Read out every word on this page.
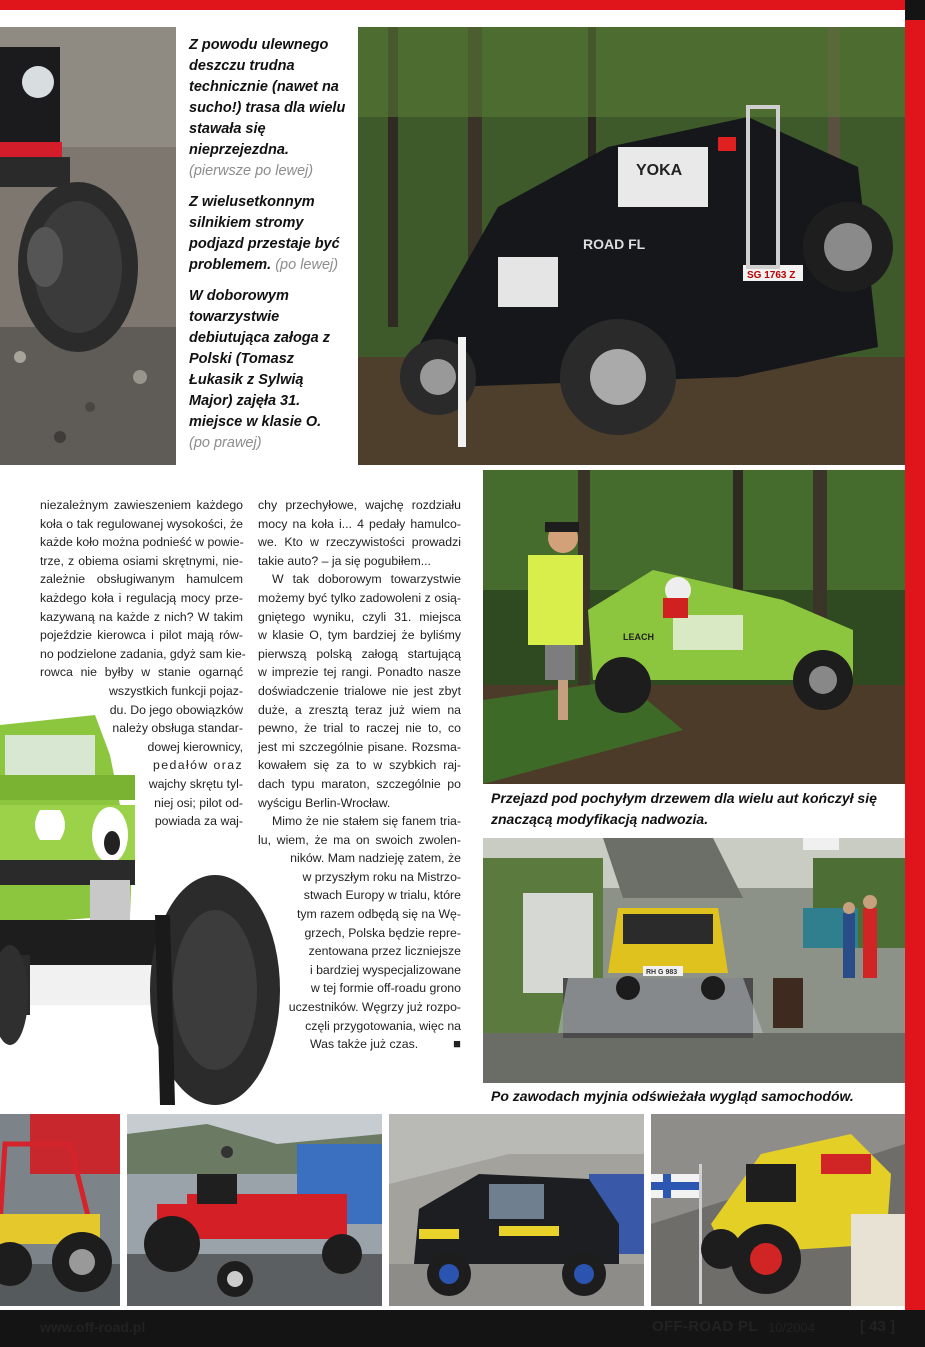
Z powodu ulewnego deszczu trudna technicznie (nawet na sucho!) trasa dla wielu stawała się nieprzejezdna. (pierwsze po lewej)

Z wielusetkonnym silnikiem stromy podjazd przestaje być problemem. (po lewej)

W doborowym towarzystwie debiutująca załoga z Polski (Tomasz Łukasik z Sylwią Major) zajęła 31. miejsce w klasie O. (po prawej)

YOKA
ROAD FL
SG 1763 Z
niezależnym zawieszeniem każdego
koła o tak regulowanej wysokości, że
każde koło można podnieść w powie-
trze, z obiema osiami skrętnymi, nie-
zależnie obsługiwanym hamulcem
każdego koła i regulacją mocy prze-
kazywaną na każde z nich? W takim
pojeździe kierowca i pilot mają rów-
no podzielone zadania, gdyż sam kie-
rowca nie byłby w stanie ogarnąć
wszystkich funkcji pojaz-
du. Do jego obowiązków
należy obsługa standar-
dowej kierownicy,
pedałów oraz
wajchy skrętu tyl-
niej osi; pilot od-
powiada za waj-
chy przechyłowe, wajchę rozdziału
mocy na koła i... 4 pedały hamulco-
we. Kto w rzeczywistości prowadzi
takie auto? – ja się pogubiłem...
W tak doborowym towarzystwie
możemy być tylko zadowoleni z osią-
gniętego wyniku, czyli 31. miejsca
w klasie O, tym bardziej że byliśmy
pierwszą polską załogą startującą
w imprezie tej rangi. Ponadto nasze
doświadczenie trialowe nie jest zbyt
duże, a zresztą teraz już wiem na
pewno, że trial to raczej nie to, co
jest mi szczególnie pisane. Rozsma-
kowałem się za to w szybkich raj-
dach typu maraton, szczególnie po
wyścigu Berlin-Wrocław.
Mimo że nie stałem się fanem tria-
lu, wiem, że ma on swoich zwolen-
ników. Mam nadzieję zatem, że
w przyszłym roku na Mistrzo-
stwach Europy w trialu, które
tym razem odbędą się na Wę-
grzech, Polska będzie repre-
zentowana przez liczniejsze
i bardziej wyspecjalizowane
w tej formie off-roadu grono
uczestników. Węgrzy już rozpo-
częli przygotowania, więc na
Was także już czas.	■
LEACH
Przejazd pod pochyłym drzewem dla wielu aut kończył się znaczącą modyfikacją nadwozia.
RH G 983
Po zawodach myjnia odświeżała wygląd samochodów.
www.off-road.pl	OFF-ROAD PL 10/2004	[ 43 ]
